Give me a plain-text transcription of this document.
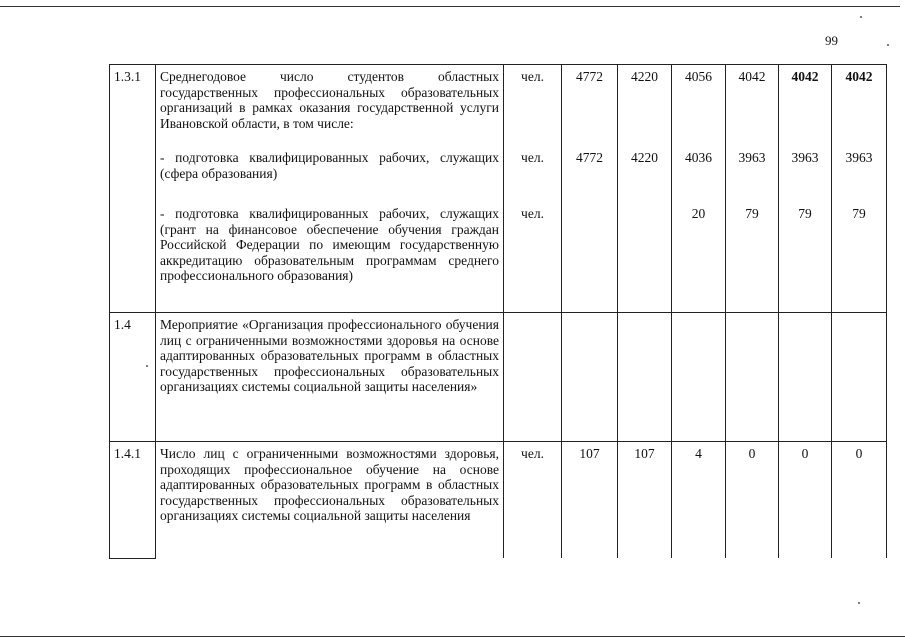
99
1.3.1	Среднегодовое число студентов областных государственных профессиональных образовательных организаций в рамках оказания государственной услуги Ивановской области, в том числе:	чел.	4772	4220	4056	4042	4042	4042
	- подготовка квалифицированных рабочих, служащих (сфера образования)	чел.	4772	4220	4036	3963	3963	3963
	- подготовка квалифицированных рабочих, служащих (грант на финансовое обеспечение обучения граждан Российской Федерации по имеющим государственную аккредитацию образовательным программам среднего профессионального образования)	чел.			20	79	79	79
1.4	Мероприятие «Организация профессионального обучения лиц с ограниченными возможностями здоровья на основе адаптированных образовательных программ в областных государственных профессиональных образовательных организациях системы социальной защиты населения»							
1.4.1	Число лиц с ограниченными возможностями здоровья, проходящих профессиональное обучение на основе адаптированных образовательных программ в областных государственных профессиональных образовательных организациях системы социальной защиты населения	чел.	107	107	4	0	0	0
